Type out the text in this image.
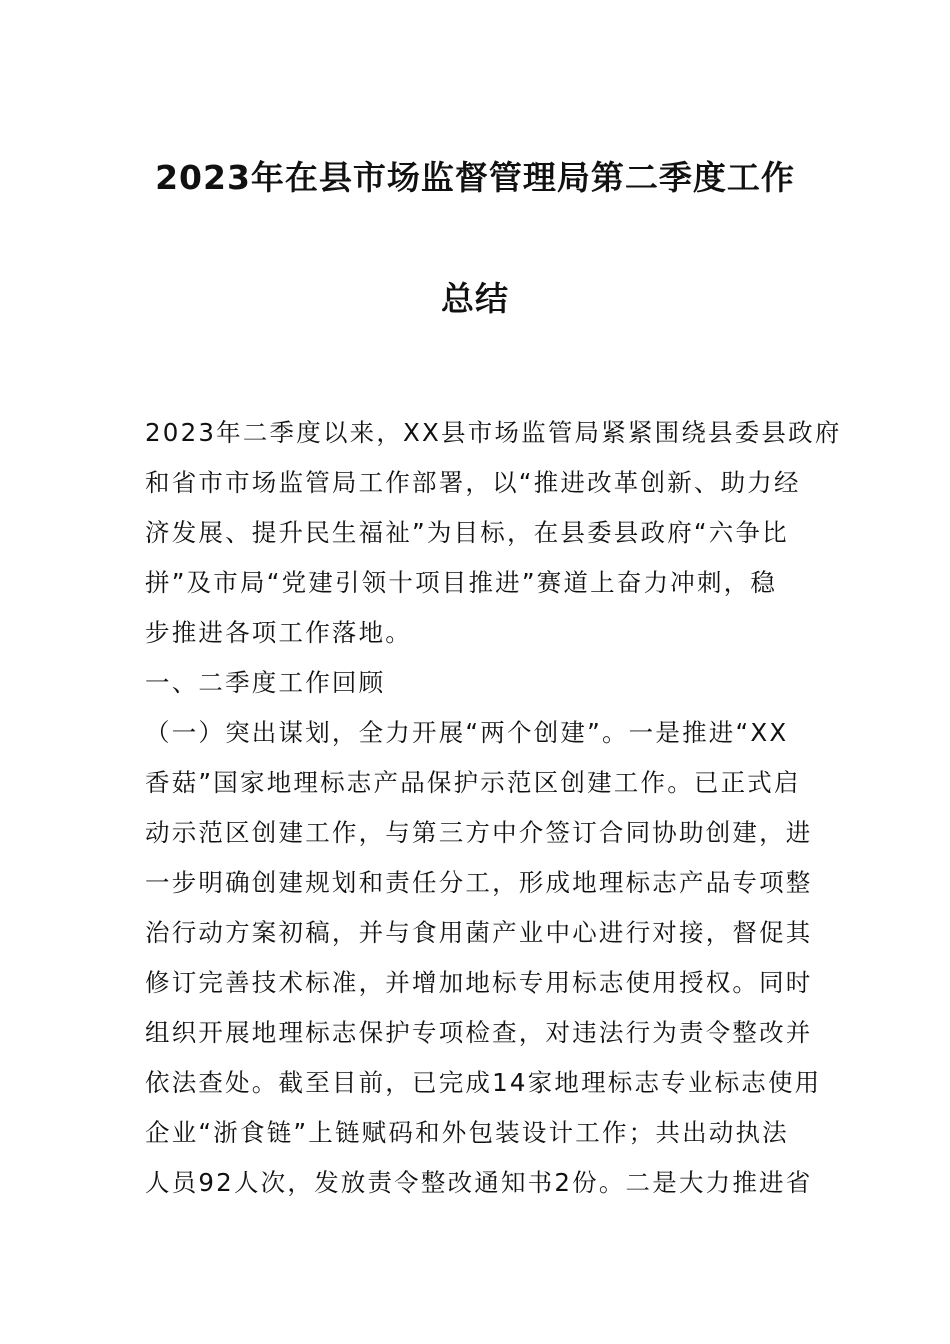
2023年在县市场监督管理局第二季度工作
总结
2023年二季度以来，XX县市场监管局紧紧围绕县委县政府
和省市市场监管局工作部署，以“推进改革创新、助力经
济发展、提升民生福祉”为目标，在县委县政府“六争比
拼”及市局“党建引领十项目推进”赛道上奋力冲刺，稳
步推进各项工作落地。
一、二季度工作回顾
（一）突出谋划，全力开展“两个创建”。一是推进“XX
香菇”国家地理标志产品保护示范区创建工作。已正式启
动示范区创建工作，与第三方中介签订合同协助创建，进
一步明确创建规划和责任分工，形成地理标志产品专项整
治行动方案初稿，并与食用菌产业中心进行对接，督促其
修订完善技术标准，并增加地标专用标志使用授权。同时
组织开展地理标志保护专项检查，对违法行为责令整改并
依法查处。截至目前，已完成14家地理标志专业标志使用
企业“浙食链”上链赋码和外包装设计工作；共出动执法
人员92人次，发放责令整改通知书2份。二是大力推进省
